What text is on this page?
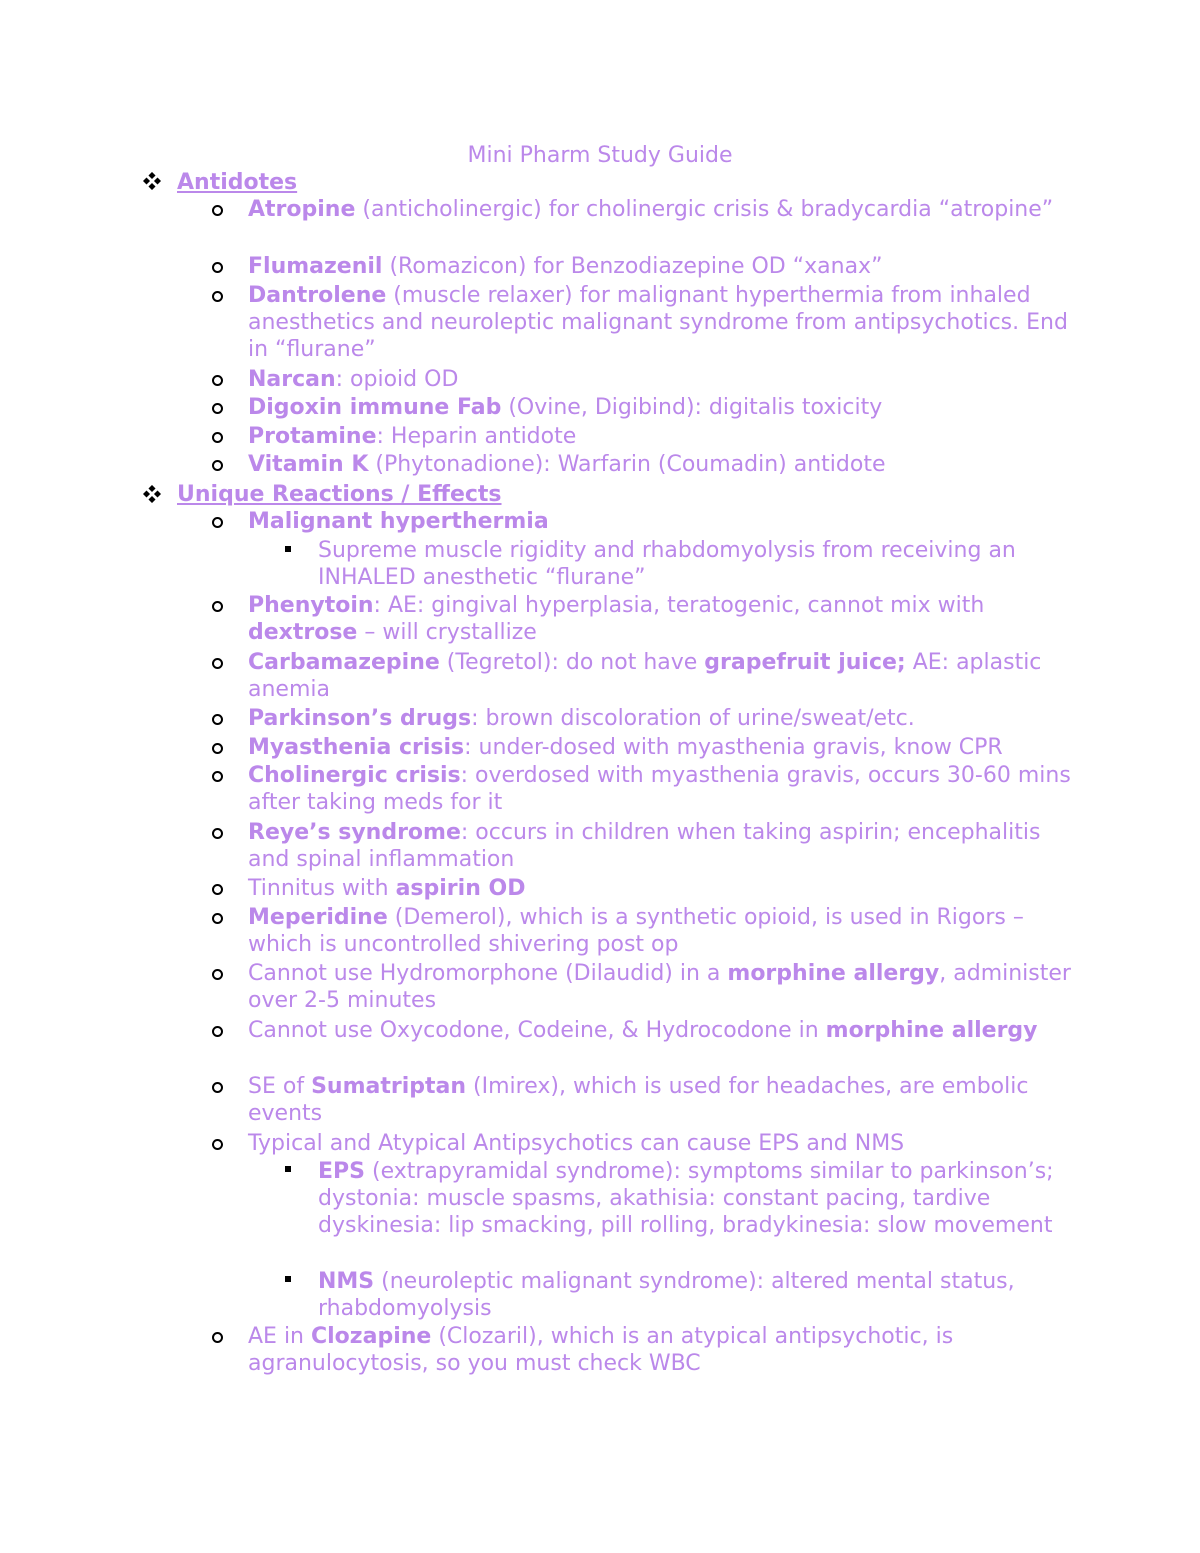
Mini Pharm Study Guide
Antidotes
Atropine (anticholinergic) for cholinergic crisis & bradycardia “atropine”
Flumazenil (Romazicon) for Benzodiazepine OD “xanax”
Dantrolene (muscle relaxer) for malignant hyperthermia from inhaled anesthetics and neuroleptic malignant syndrome from antipsychotics. End in “flurane”
Narcan: opioid OD
Digoxin immune Fab (Ovine, Digibind): digitalis toxicity
Protamine: Heparin antidote
Vitamin K (Phytonadione): Warfarin (Coumadin) antidote
Unique Reactions / Effects
Malignant hyperthermia
Supreme muscle rigidity and rhabdomyolysis from receiving an INHALED anesthetic “flurane”
Phenytoin: AE: gingival hyperplasia, teratogenic, cannot mix with dextrose – will crystallize
Carbamazepine (Tegretol): do not have grapefruit juice; AE: aplastic anemia
Parkinson’s drugs: brown discoloration of urine/sweat/etc.
Myasthenia crisis: under-dosed with myasthenia gravis, know CPR
Cholinergic crisis: overdosed with myasthenia gravis, occurs 30-60 mins after taking meds for it
Reye’s syndrome: occurs in children when taking aspirin; encephalitis and spinal inflammation
Tinnitus with aspirin OD
Meperidine (Demerol), which is a synthetic opioid, is used in Rigors – which is uncontrolled shivering post op
Cannot use Hydromorphone (Dilaudid) in a morphine allergy, administer over 2-5 minutes
Cannot use Oxycodone, Codeine, & Hydrocodone in morphine allergy
SE of Sumatriptan (Imirex), which is used for headaches, are embolic events
Typical and Atypical Antipsychotics can cause EPS and NMS
EPS (extrapyramidal syndrome): symptoms similar to parkinson’s; dystonia: muscle spasms, akathisia: constant pacing, tardive dyskinesia: lip smacking, pill rolling, bradykinesia: slow movement
NMS (neuroleptic malignant syndrome): altered mental status, rhabdomyolysis
AE in Clozapine (Clozaril), which is an atypical antipsychotic, is agranulocytosis, so you must check WBC
